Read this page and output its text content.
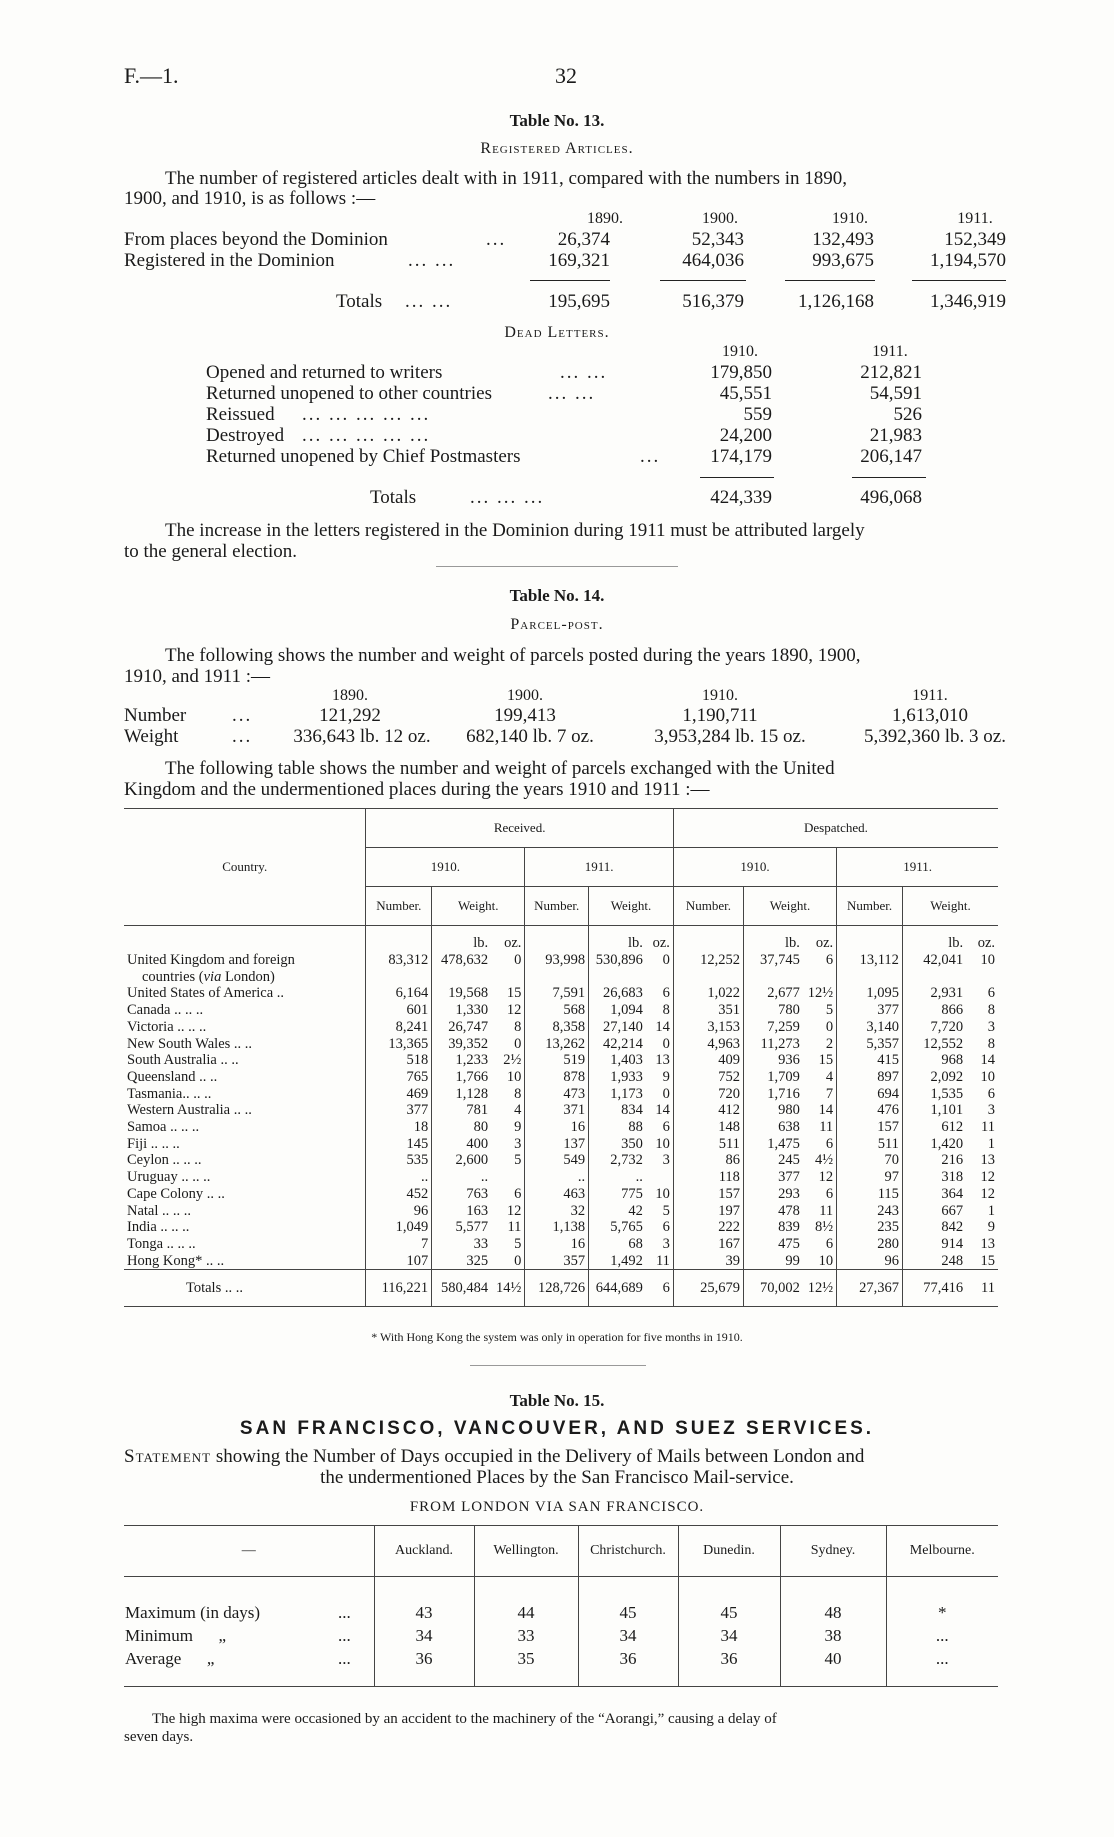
F.—1.	32
Table No. 13.
Registered Articles.
The number of registered articles dealt with in 1911, compared with the numbers in 1890,
1900, and 1910, is as follows :—
1890.	1900.	1910.	1911.
From places beyond the Dominion	...	26,374	52,343	132,493	152,349
Registered in the Dominion	... ...	169,321	464,036	993,675	1,194,570
Totals ... ...	195,695	516,379	1,126,168	1,346,919
Dead Letters.
1910.	1911.
Opened and returned to writers	... ...	179,850	212,821
Returned unopened to other countries	... ...	45,551	54,591
Reissued ... ... ... ... ...	559	526
Destroyed ... ... ... ... ...	24,200	21,983
Returned unopened by Chief Postmasters	...	174,179	206,147
Totals	... ... ...	424,339	496,068
The increase in the letters registered in the Dominion during 1911 must be attributed largely
to the general election.
Table No. 14.
Parcel-post.
The following shows the number and weight of parcels posted during the years 1890, 1900,
1910, and 1911 :—
1890.	1900.	1910.	1911.
Number ...	121,292	199,413	1,190,711	1,613,010
Weight	...	336,643 lb. 12 oz.	682,140 lb. 7 oz.	3,953,284 lb. 15 oz.	5,392,360 lb. 3 oz.
The following table shows the number and weight of parcels exchanged with the United
Kingdom and the undermentioned places during the years 1910 and 1911 :—
Country.	Received.						Despatched.					
	1910.			1911.			1910.			1911.		
	Number.	Weight.		Number.	Weight.		Number.	Weight.		Number.	Weight.	
		lb.	oz.		lb.	oz.		lb.	oz.		lb.	oz.
United Kingdom and foreign	83,312	478,632	0	93,998	530,896	0	12,252	37,745	6	13,112	42,041	10
countries (via London)												
United States of America ..	6,164	19,568	15	7,591	26,683	6	1,022	2,677	12½	1,095	2,931	6
Canada .. .. ..	601	1,330	12	568	1,094	8	351	780	5	377	866	8
Victoria .. .. ..	8,241	26,747	8	8,358	27,140	14	3,153	7,259	0	3,140	7,720	3
New South Wales .. ..	13,365	39,352	0	13,262	42,214	0	4,963	11,273	2	5,357	12,552	8
South Australia .. ..	518	1,233	2½	519	1,403	13	409	936	15	415	968	14
Queensland .. ..	765	1,766	10	878	1,933	9	752	1,709	4	897	2,092	10
Tasmania.. .. ..	469	1,128	8	473	1,173	0	720	1,716	7	694	1,535	6
Western Australia .. ..	377	781	4	371	834	14	412	980	14	476	1,101	3
Samoa .. .. ..	18	80	9	16	88	6	148	638	11	157	612	11
Fiji .. .. ..	145	400	3	137	350	10	511	1,475	6	511	1,420	1
Ceylon .. .. ..	535	2,600	5	549	2,732	3	86	245	4½	70	216	13
Uruguay .. .. ..	..	..		..	..		118	377	12	97	318	12
Cape Colony .. ..	452	763	6	463	775	10	157	293	6	115	364	12
Natal .. .. ..	96	163	12	32	42	5	197	478	11	243	667	1
India .. .. ..	1,049	5,577	11	1,138	5,765	6	222	839	8½	235	842	9
Tonga .. .. ..	7	33	5	16	68	3	167	475	6	280	914	13
Hong Kong* .. ..	107	325	0	357	1,492	11	39	99	10	96	248	15
Totals .. ..	116,221	580,484	14½	128,726	644,689	6	25,679	70,002	12½	27,367	77,416	11
* With Hong Kong the system was only in operation for five months in 1910.
Table No. 15.
SAN FRANCISCO, VANCOUVER, AND SUEZ SERVICES.
Statement showing the Number of Days occupied in the Delivery of Mails between London and
the undermentioned Places by the San Francisco Mail-service.
FROM LONDON VIA SAN FRANCISCO.
—	Auckland.	Wellington.	Christchurch.	Dunedin.	Sydney.	Melbourne.

Maximum (in days) ...	43	44	45	45	48	*
Minimum      „ ...	34	33	34	34	38	...
Average      „ ...	36	35	36	36	40	...

The high maxima were occasioned by an accident to the machinery of the “Aorangi,” causing a delay of
seven days.
